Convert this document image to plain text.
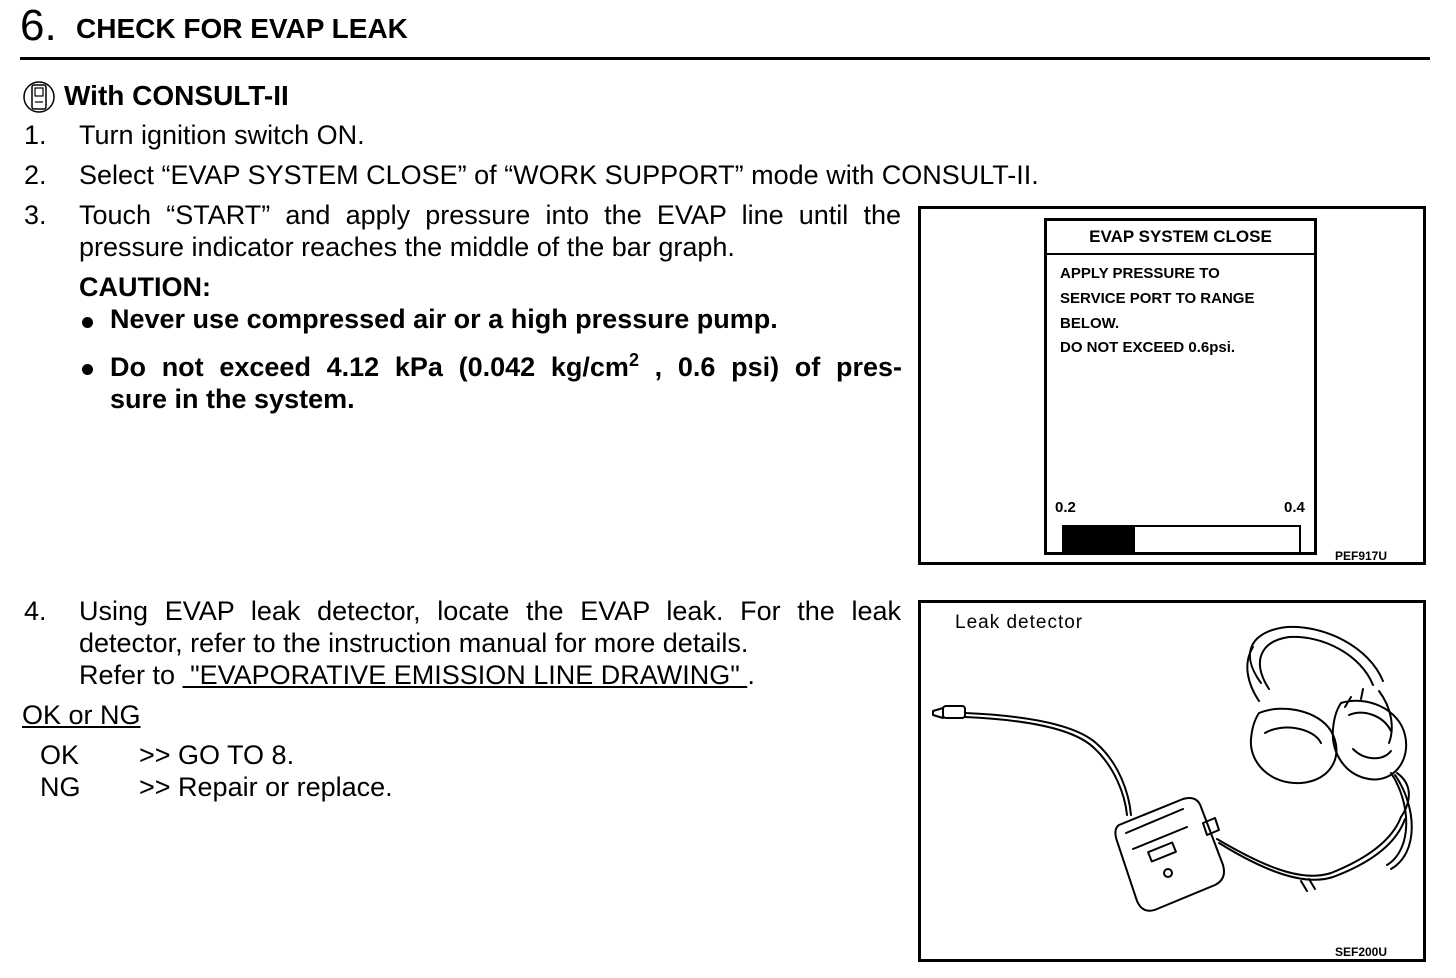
6. CHECK FOR EVAP LEAK
With CONSULT-II
1.	Turn ignition switch ON.
2.	Select “EVAP SYSTEM CLOSE” of “WORK SUPPORT” mode with CONSULT-II.
3.	Touch “START” and apply pressure into the EVAP line until the pressure indicator reaches the middle of the bar graph.
CAUTION:
Never use compressed air or a high pressure pump.
Do not exceed 4.12 kPa (0.042 $kg/cm^2$ , 0.6 psi) of pres-
sure in the system.
4.	Using EVAP leak detector, locate the EVAP leak. For the leak detector, refer to the instruction manual for more details.
Refer to  "EVAPORATIVE EMISSION LINE DRAWING" .
OK or NG
OK >> GO TO 8.
NG >> Repair or replace.
EVAP SYSTEM CLOSE
APPLY PRESSURE TO
SERVICE PORT TO RANGE
BELOW.
DO NOT EXCEED 0.6psi.
0.2	0.4
PEF917U
Leak detector
SEF200U
